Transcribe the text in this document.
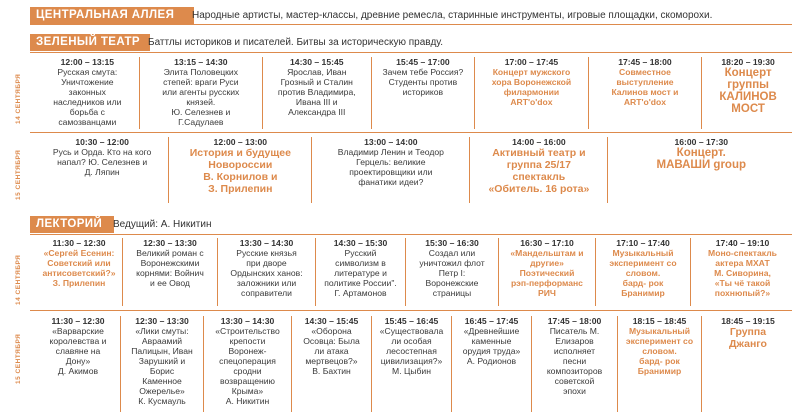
ЦЕНТРАЛЬНАЯ АЛЛЕЯ	Народные артисты, мастер-классы, древние ремесла, старинные инструменты, игровые площадки, скоморохи.
ЗЕЛЕНЫЙ ТЕАТР Баттлы историков и писателей. Битвы за историческую правду.
14 СЕНТЯБРЯ
12:00 – 13:15
Русская смута:
Уничтожение
законных
наследников или
борьба с
самозванцами
13:15 – 14:30
Элита Половецких
степей: враги Руси
или агенты русских
князей.
Ю. Селезнев и
Г.Садулаев
14:30 – 15:45
Ярослав, Иван
Грозный и Сталин
против Владимира,
Ивана III и
Александра III
15:45 – 17:00
Зачем тебе Россия?
Студенты против
историков
17:00 – 17:45
Концерт мужского
хора Воронежской
филармонии
ART'o'dox
17:45 – 18:00
Совместное
выступление
Калинов мост и
ART'o'dox
18:20 – 19:30
Концерт группы
КАЛИНОВ
МОСТ
15 СЕНТЯБРЯ
10:30 – 12:00
Русь и Орда. Кто на кого
напал? Ю. Селезнев и
Д. Ляпин
12:00 – 13:00
История и будущее
Новороссии
В. Корнилов и
З. Прилепин
13:00 – 14:00
Владимир Ленин и Теодор
Герцель: великие
проектировщики или
фанатики идеи?
14:00 – 16:00
Активный театр и
группа 25/17
спектакль
«Обитель. 16 рота»
16:00 – 17:30
Концерт.
МАВАШИ group
ЛЕКТОРИЙ	Ведущий: А. Никитин
14 СЕНТЯБРЯ
11:30 – 12:30
«Сергей Есенин:
Советский или
антисоветский?»
З. Прилепин
12:30 – 13:30
Великий роман с
Воронежскими
корнями: Войнич
и ее Овод
13:30 – 14:30
Русские князья
при дворе
Ордынских ханов:
заложники или
соправители
14:30 – 15:30
Русский
символизм в
литературе и
политике России".
Г. Артамонов
15:30 – 16:30
Создал или
уничтожил флот
Петр I:
Воронежские
страницы
16:30 – 17:10
«Мандельштам и
другие»
Поэтический
рэп-перформанс
РИЧ
17:10 – 17:40
Музыкальный
эксперимент со
словом.
бард- рок
Бранимир
17:40 – 19:10
Моно-спектакль
актера МХАТ
М. Сиворина,
«Ты чё такой
похнюпый?»
15 СЕНТЯБРЯ
11:30 – 12:30
«Варварские
королевства и
славяне на
Дону»
Д. Акимов
12:30 – 13:30
«Лики смуты:
Авраамий
Палицын, Иван
Зарушкий и
Борис
Каменное
Ожерелье»
К. Кусмауль
13:30 – 14:30
«Строительство
крепости
Воронеж-
спецоперация
сродни
возвращению
Крыма»
А. Никитин
14:30 – 15:45
«Оборона
Осовца: Была
ли атака
мертвецов?»
В. Бахтин
15:45 – 16:45
«Существовала
ли особая
лесостепная
цивилизация?»
М. Цыбин
16:45 – 17:45
«Древнейшие
каменные
орудия труда»
А. Родионов
17:45 – 18:00
Писатель М.
Елизаров
исполняет
песни
композиторов
советской
эпохи
18:15 – 18:45
Музыкальный
эксперимент со
словом.
бард- рок
Бранимир
18:45 – 19:15
Группа
Джанго
